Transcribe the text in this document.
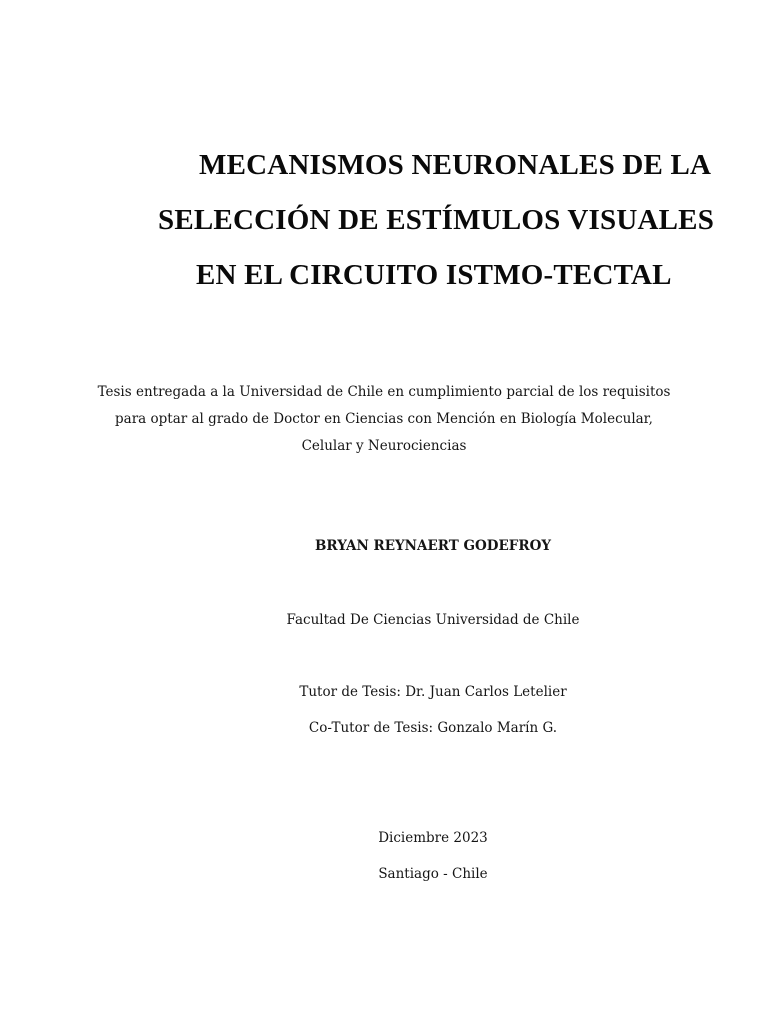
MECANISMOS NEURONALES DE LA
SELECCIÓN DE ESTÍMULOS VISUALES
EN EL CIRCUITO ISTMO-TECTAL
Tesis entregada a la Universidad de Chile en cumplimiento parcial de los requisitos
para optar al grado de Doctor en Ciencias con Mención en Biología Molecular,
Celular y Neurociencias
BRYAN REYNAERT GODEFROY
Facultad De Ciencias Universidad de Chile
Tutor de Tesis: Dr. Juan Carlos Letelier
Co-Tutor de Tesis: Gonzalo Marín G.
Diciembre 2023
Santiago - Chile
